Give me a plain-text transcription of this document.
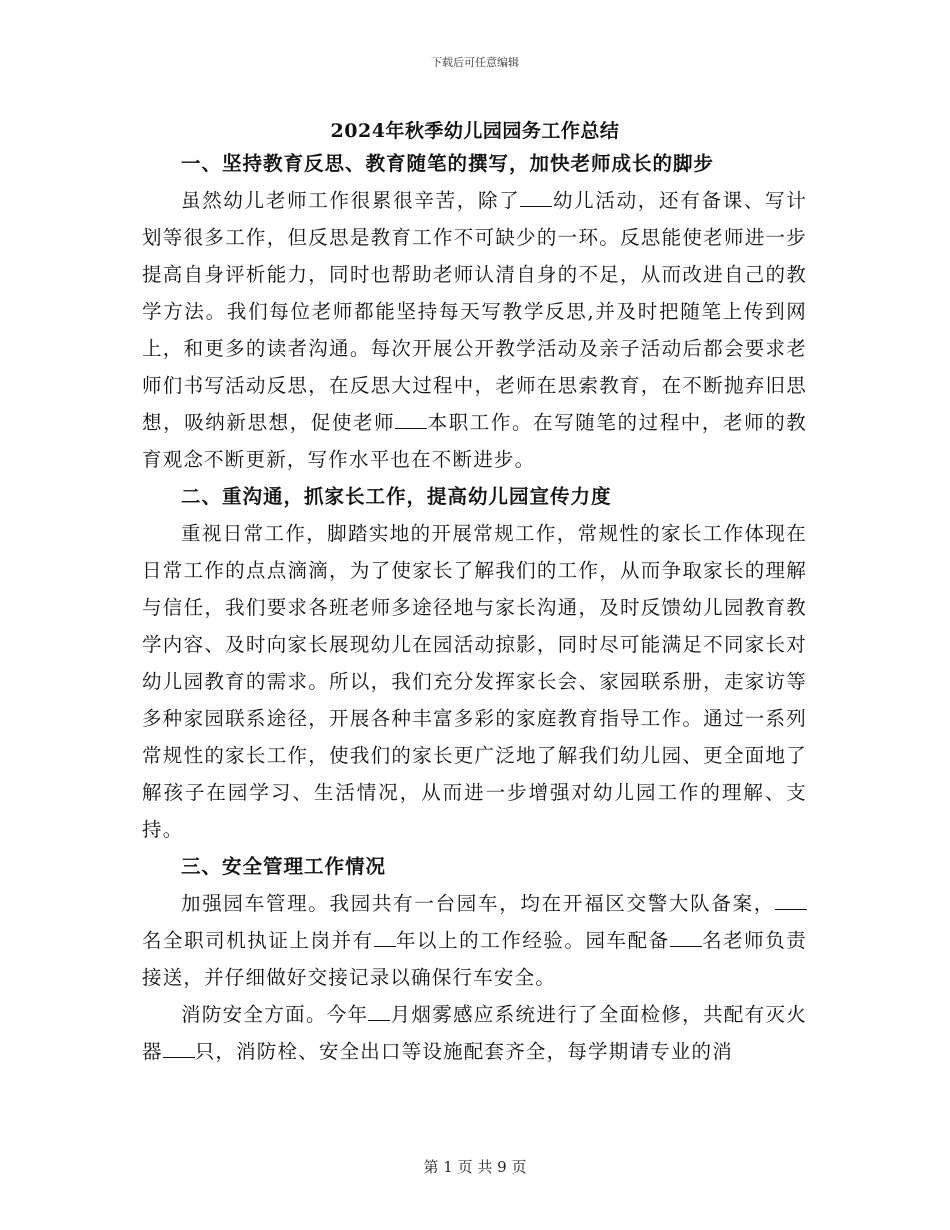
下载后可任意编辑
2024年秋季幼儿园园务工作总结

一、坚持教育反思、教育随笔的撰写，加快老师成长的脚步

虽然幼儿老师工作很累很辛苦，除了 幼儿活动，还有备课、写计划等很多工作，但反思是教育工作不可缺少的一环。反思能使老师进一步提高自身评析能力，同时也帮助老师认清自身的不足，从而改进自己的教学方法。我们每位老师都能坚持每天写教学反思,并及时把随笔上传到网上，和更多的读者沟通。每次开展公开教学活动及亲子活动后都会要求老师们书写活动反思，在反思大过程中，老师在思索教育，在不断抛弃旧思想，吸纳新思想，促使老师 本职工作。在写随笔的过程中，老师的教育观念不断更新，写作水平也在不断进步。

二、重沟通，抓家长工作，提高幼儿园宣传力度

重视日常工作，脚踏实地的开展常规工作，常规性的家长工作体现在日常工作的点点滴滴，为了使家长了解我们的工作，从而争取家长的理解与信任，我们要求各班老师多途径地与家长沟通，及时反馈幼儿园教育教学内容、及时向家长展现幼儿在园活动掠影，同时尽可能满足不同家长对幼儿园教育的需求。所以，我们充分发挥家长会、家园联系册，走家访等多种家园联系途径，开展各种丰富多彩的家庭教育指导工作。通过一系列常规性的家长工作，使我们的家长更广泛地了解我们幼儿园、更全面地了解孩子在园学习、生活情况，从而进一步增强对幼儿园工作的理解、支持。

三、安全管理工作情况

加强园车管理。我园共有一台园车，均在开福区交警大队备案，名全职司机执证上岗并有 年以上的工作经验。园车配备 名老师负责接送，并仔细做好交接记录以确保行车安全。

消防安全方面。今年 月烟雾感应系统进行了全面检修，共配有灭火器 只，消防栓、安全出口等设施配套齐全，每学期请专业的消

第 1 页 共 9 页
